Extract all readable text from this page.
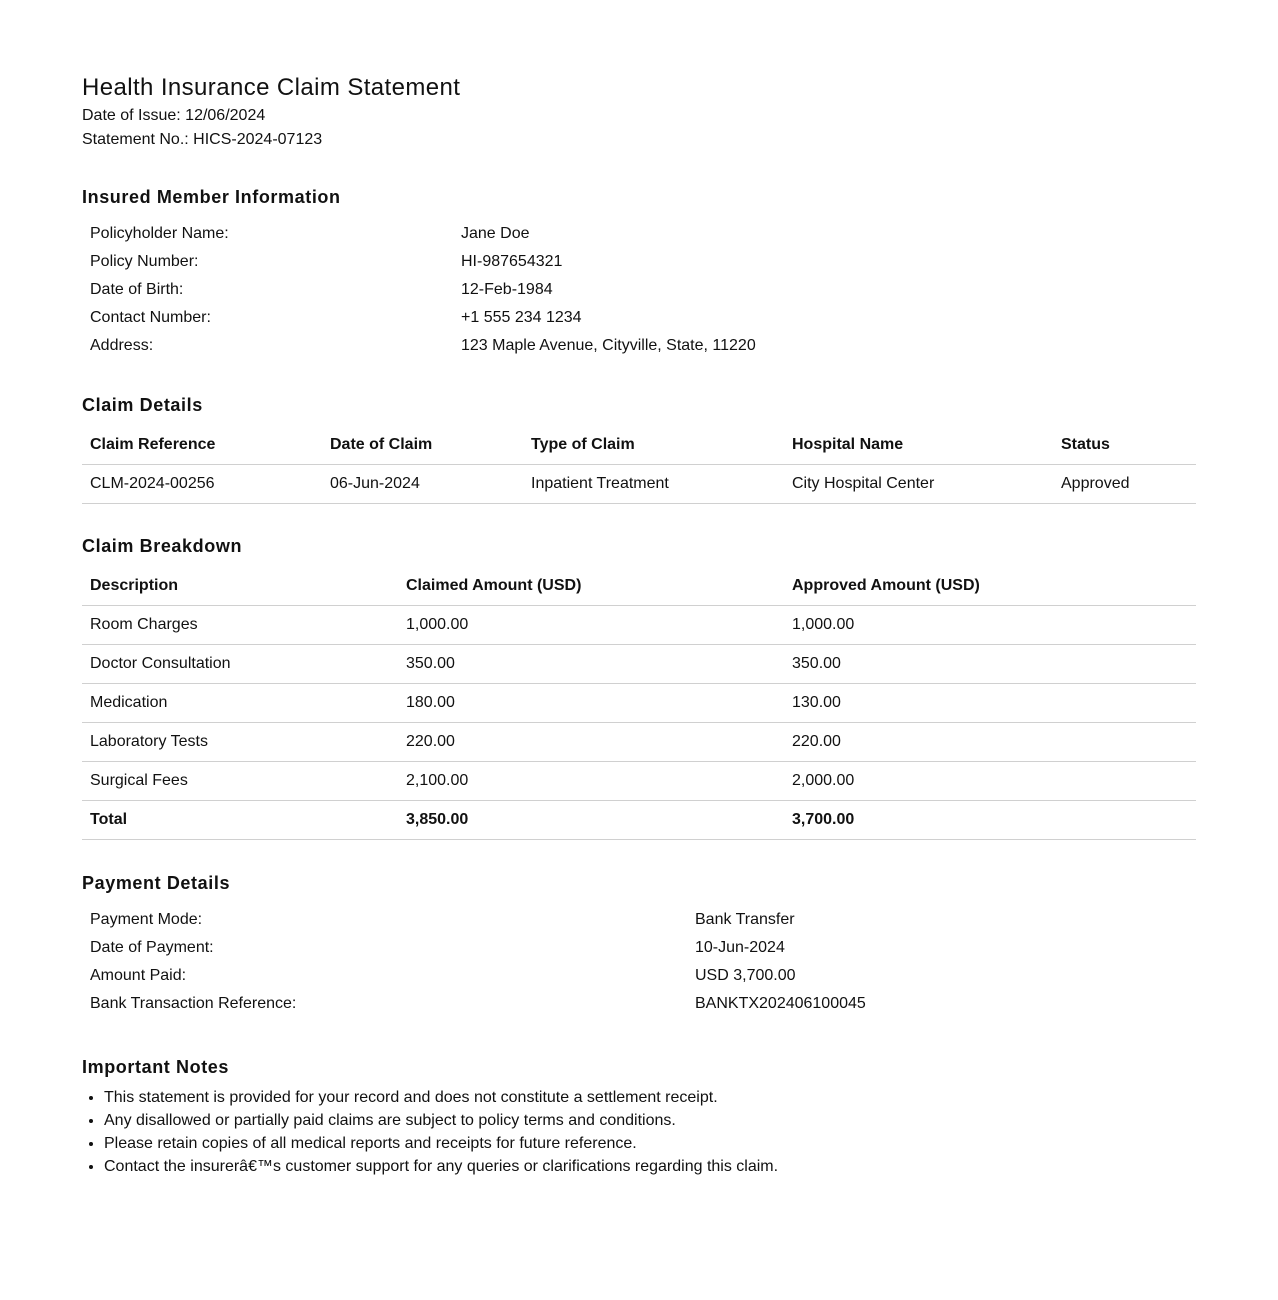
Health Insurance Claim Statement

Date of Issue: 12/06/2024

Statement No.: HICS-2024-07123

Insured Member Information
Policyholder Name:	Jane Doe
Policy Number:	HI-987654321
Date of Birth:	12-Feb-1984
Contact Number:	+1 555 234 1234
Address:	123 Maple Avenue, Cityville, State, 11220
Claim Details
Claim Reference	Date of Claim	Type of Claim	Hospital Name	Status
CLM-2024-00256	06-Jun-2024	Inpatient Treatment	City Hospital Center	Approved
Claim Breakdown
Description	Claimed Amount (USD)	Approved Amount (USD)
Room Charges	1,000.00	1,000.00
Doctor Consultation	350.00	350.00
Medication	180.00	130.00
Laboratory Tests	220.00	220.00
Surgical Fees	2,100.00	2,000.00
Total	3,850.00	3,700.00
Payment Details
Payment Mode:	Bank Transfer
Date of Payment:	10-Jun-2024
Amount Paid:	USD 3,700.00
Bank Transaction Reference:	BANKTX202406100045
Important Notes
• This statement is provided for your record and does not constitute a settlement receipt.
• Any disallowed or partially paid claims are subject to policy terms and conditions.
• Please retain copies of all medical reports and receipts for future reference.
• Contact the insurerâ€™s customer support for any queries or clarifications regarding this claim.
